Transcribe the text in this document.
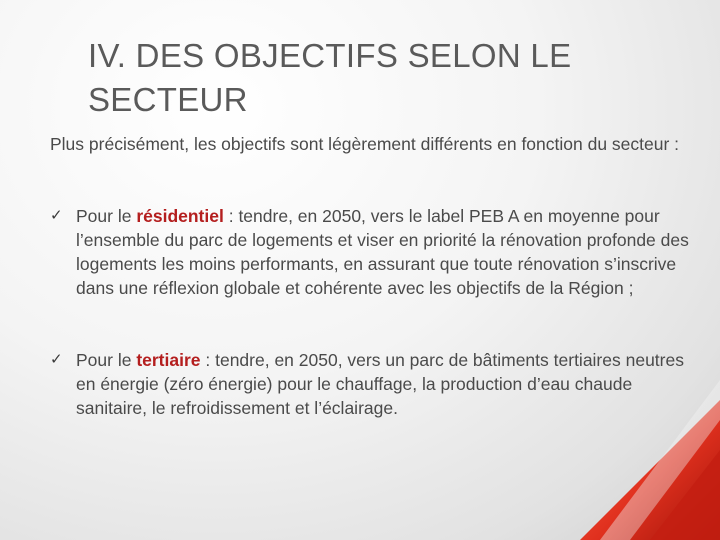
IV. DES OBJECTIFS SELON LE SECTEUR
Plus précisément, les objectifs sont légèrement différents en fonction du secteur :
✓ Pour le résidentiel : tendre, en 2050, vers le label PEB A en moyenne pour l’ensemble du parc de logements et viser en priorité la rénovation profonde des logements les moins performants, en assurant que toute rénovation s’inscrive dans une réflexion globale et cohérente avec les objectifs de la Région ;
✓ Pour le tertiaire : tendre, en 2050, vers un parc de bâtiments tertiaires neutres en énergie (zéro énergie) pour le chauffage, la production d’eau chaude sanitaire, le refroidissement et l’éclairage.
